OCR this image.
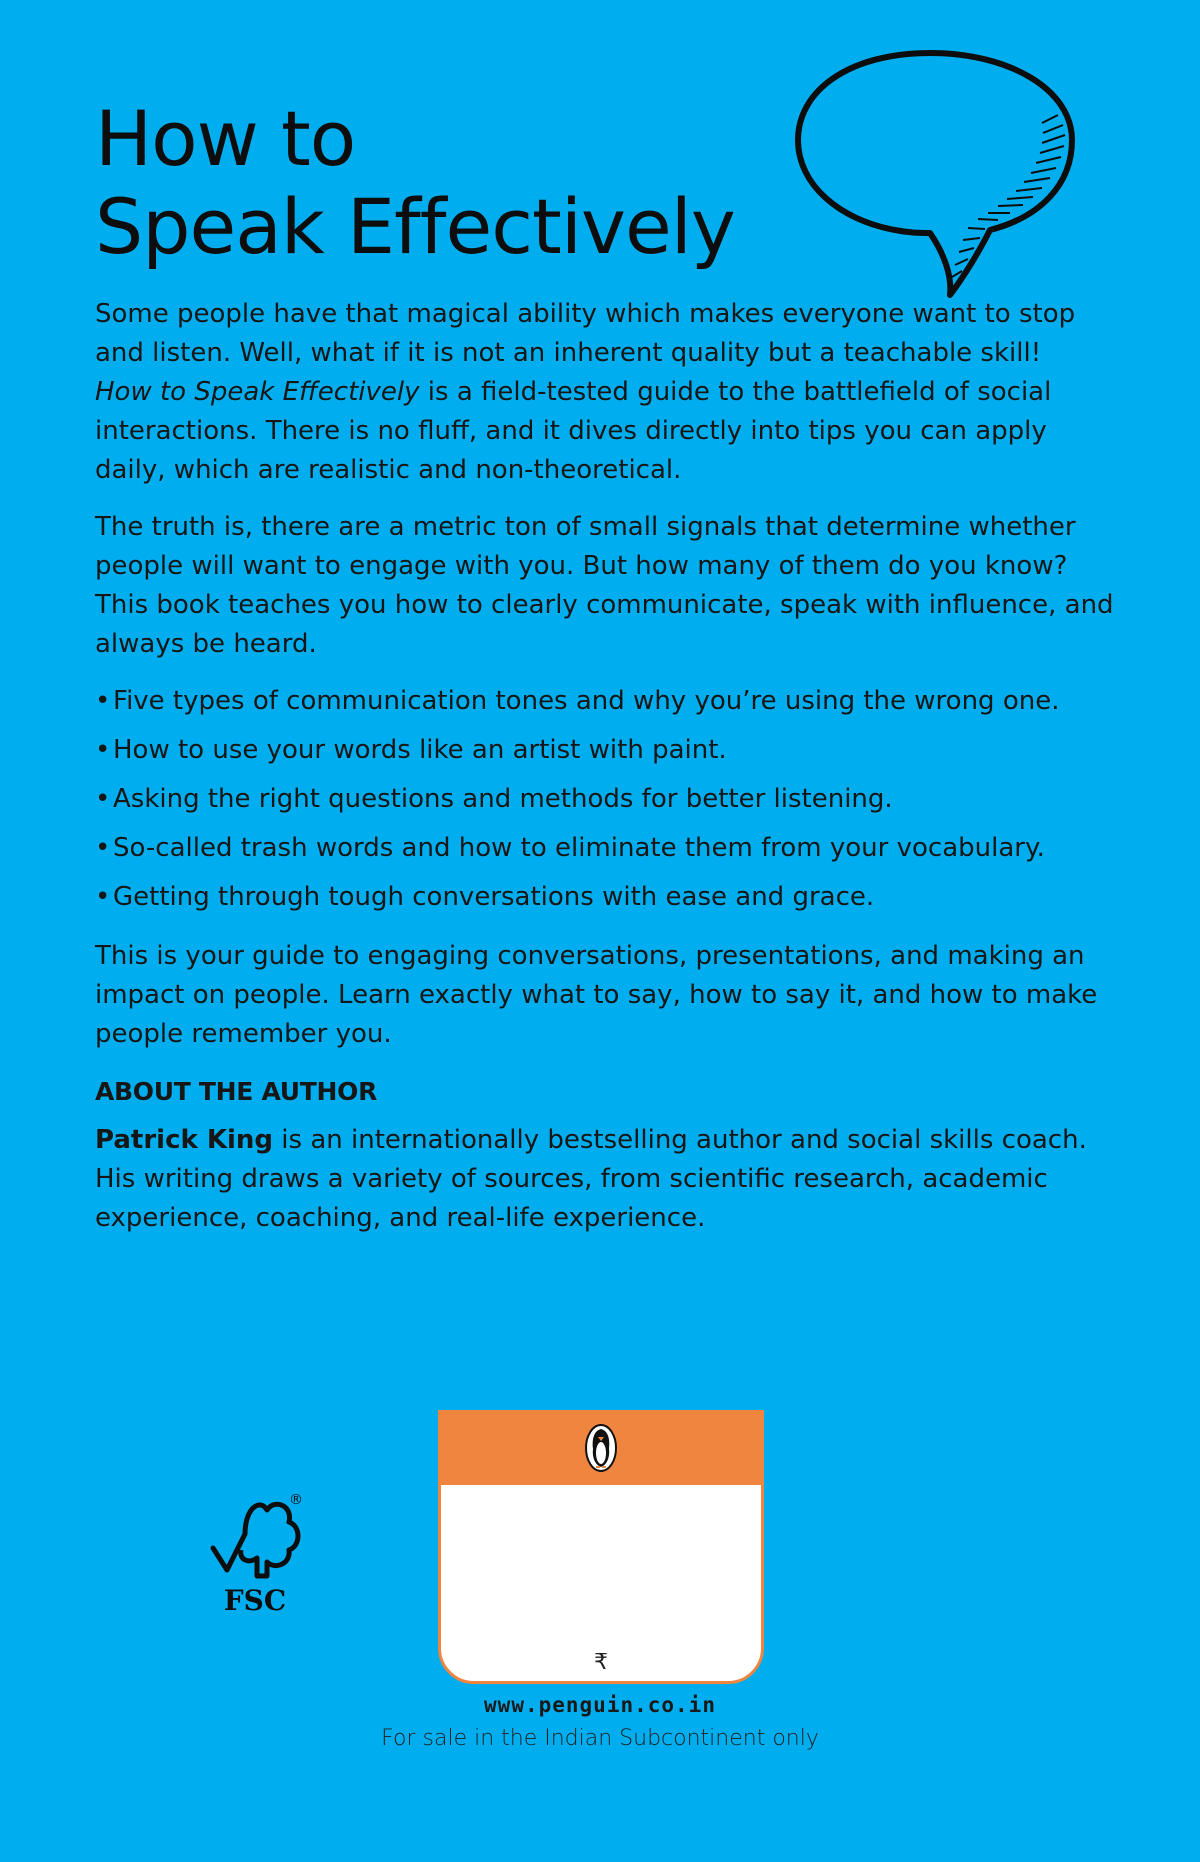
How to
Speak Effectively

Some people have that magical ability which makes everyone want to stop and listen. Well, what if it is not an inherent quality but a teachable skill!

How to Speak Effectively is a field-tested guide to the battlefield of social interactions. There is no fluff, and it dives directly into tips you can apply daily, which are realistic and non-theoretical.

The truth is, there are a metric ton of small signals that determine whether people will want to engage with you. But how many of them do you know? This book teaches you how to clearly communicate, speak with influence, and always be heard.

• Five types of communication tones and why you’re using the wrong one.
• How to use your words like an artist with paint.
• Asking the right questions and methods for better listening.
• So-called trash words and how to eliminate them from your vocabulary.
• Getting through tough conversations with ease and grace.

This is your guide to engaging conversations, presentations, and making an impact on people. Learn exactly what to say, how to say it, and how to make people remember you.

ABOUT THE AUTHOR

Patrick King is an internationally bestselling author and social skills coach. His writing draws a variety of sources, from scientific research, academic experience, coaching, and real-life experience.

®
FSC
₹
www.penguin.co.in
For sale in the Indian Subcontinent only
